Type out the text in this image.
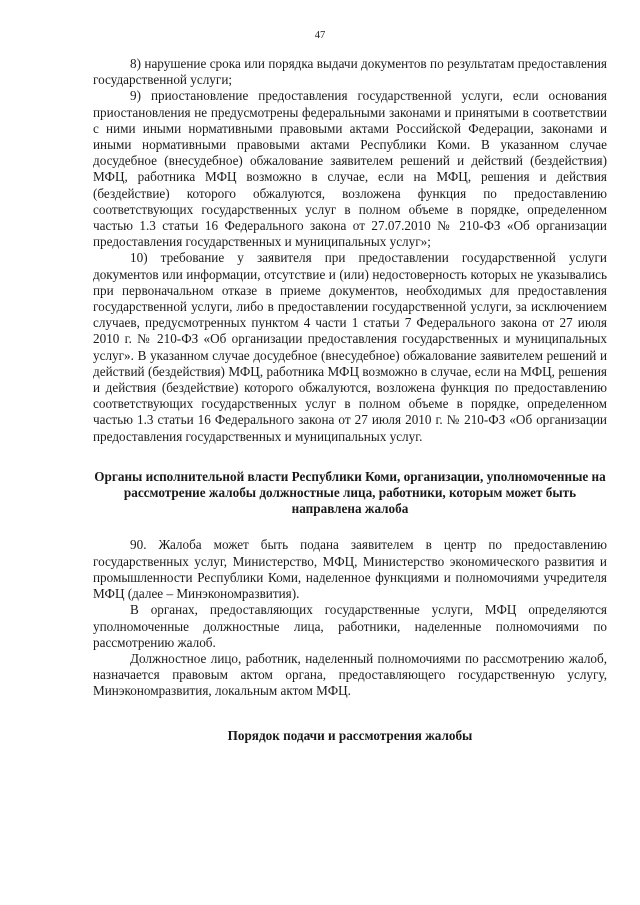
47

8) нарушение срока или порядка выдачи документов по результатам предоставления государственной услуги;

9) приостановление предоставления государственной услуги, если основания приостановления не предусмотрены федеральными законами и принятыми в соответствии с ними иными нормативными правовыми актами Российской Федерации, законами и иными нормативными правовыми актами Республики Коми. В указанном случае досудебное (внесудебное) обжалование заявителем решений и действий (бездействия) МФЦ, работника МФЦ возможно в случае, если на МФЦ, решения и действия (бездействие) которого обжалуются, возложена функция по предоставлению соответствующих государственных услуг в полном объеме в порядке, определенном частью 1.3 статьи 16 Федерального закона от 27.07.2010 № 210-ФЗ «Об организации предоставления государственных и муниципальных услуг»;

10) требование у заявителя при предоставлении государственной услуги документов или информации, отсутствие и (или) недостоверность которых не указывались при первоначальном отказе в приеме документов, необходимых для предоставления государственной услуги, либо в предоставлении государственной услуги, за исключением случаев, предусмотренных пунктом 4 части 1 статьи 7 Федерального закона от 27 июля 2010 г. № 210-ФЗ «Об организации предоставления государственных и муниципальных услуг». В указанном случае досудебное (внесудебное) обжалование заявителем решений и действий (бездействия) МФЦ, работника МФЦ возможно в случае, если на МФЦ, решения и действия (бездействие) которого обжалуются, возложена функция по предоставлению соответствующих государственных услуг в полном объеме в порядке, определенном частью 1.3 статьи 16 Федерального закона от 27 июля 2010 г. № 210-ФЗ «Об организации предоставления государственных и муниципальных услуг.

Органы исполнительной власти Республики Коми, организации, уполномоченные на рассмотрение жалобы должностные лица, работники, которым может быть направлена жалоба

90. Жалоба может быть подана заявителем в центр по предоставлению государственных услуг, Министерство, МФЦ, Министерство экономического развития и промышленности Республики Коми, наделенное функциями и полномочиями учредителя МФЦ (далее – Минэкономразвития).

В органах, предоставляющих государственные услуги, МФЦ определяются уполномоченные должностные лица, работники, наделенные полномочиями по рассмотрению жалоб.

Должностное лицо, работник, наделенный полномочиями по рассмотрению жалоб, назначается правовым актом органа, предоставляющего государственную услугу, Минэкономразвития, локальным актом МФЦ.

Порядок подачи и рассмотрения жалобы
